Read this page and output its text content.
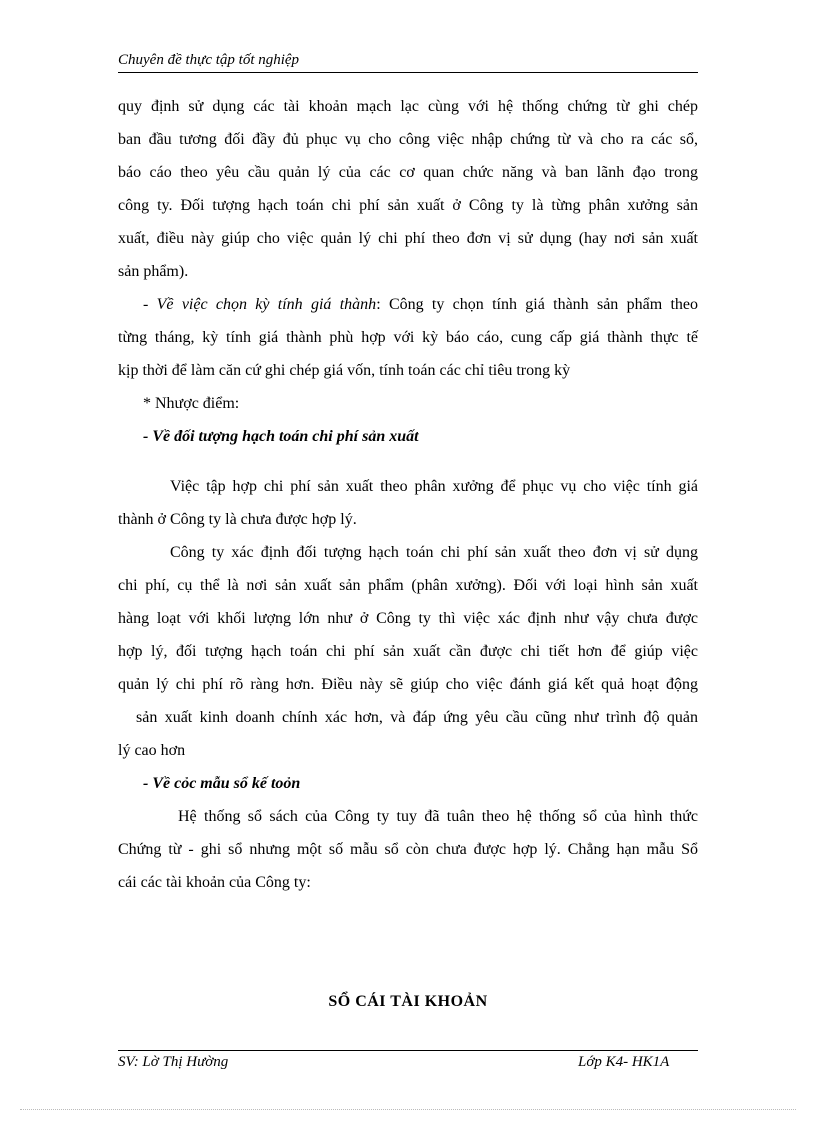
Chuyên đề thực tập tốt nghiệp
quy định sử dụng các tài khoản mạch lạc cùng với hệ thống chứng từ ghi chép
ban đầu tương đối đầy đủ phục vụ cho công việc nhập chứng từ và cho ra các sổ,
báo cáo theo yêu cầu quản lý của các cơ quan chức năng và ban lãnh đạo trong
công ty. Đối tượng hạch toán chi phí sản xuất ở Công ty là từng phân xưởng sản
xuất, điều này giúp cho việc quản lý chi phí theo đơn vị sử dụng (hay nơi sản xuất
sản phẩm).
- Về việc chọn kỳ tính giá thành: Công ty chọn tính giá thành sản phẩm theo
từng tháng, kỳ tính giá thành phù hợp với kỳ báo cáo, cung cấp giá thành thực tế
kịp thời để làm căn cứ ghi chép giá vốn, tính toán các chỉ tiêu trong kỳ
* Nhược điểm:
- Về đối tượng hạch toán chi phí sản xuất
Việc tập hợp chi phí sản xuất theo phân xưởng để phục vụ cho việc tính giá
thành ở Công ty là chưa được hợp lý.
Công ty xác định đối tượng hạch toán chi phí sản xuất theo đơn vị sử dụng
chi phí, cụ thể là nơi sản xuất sản phẩm (phân xưởng). Đối với loại hình sản xuất
hàng loạt với khối lượng lớn như ở Công ty thì việc xác định như vậy chưa được
hợp lý, đối tượng hạch toán chi phí sản xuất cần được chi tiết hơn để giúp việc
quản lý chi phí rõ ràng hơn. Điều này sẽ giúp cho việc đánh giá kết quả hoạt động
sản xuất kinh doanh chính xác hơn, và đáp ứng yêu cầu cũng như trình độ quản
lý cao hơn
- Về cỏc mẫu sổ kế toỏn
Hệ thống sổ sách của Công ty tuy đã tuân theo hệ thống sổ của hình thức
Chứng từ - ghi sổ nhưng một số mẫu sổ còn chưa được hợp lý. Chẳng hạn mẫu Sổ
cái các tài khoản của Công ty:
SỔ CÁI TÀI KHOẢN
SV: Lờ Thị Hường	Lớp K4- HK1A
